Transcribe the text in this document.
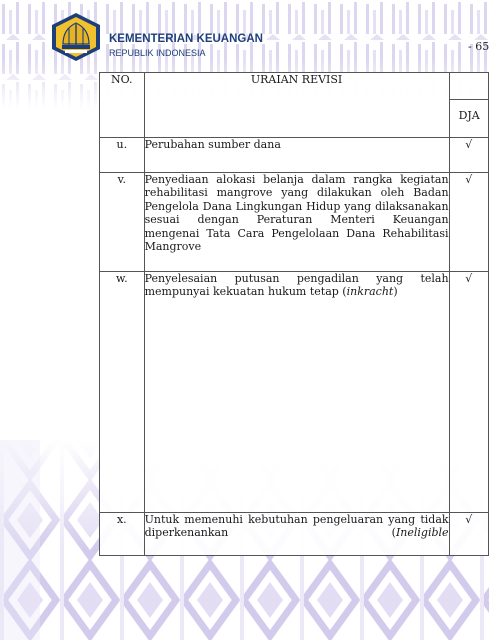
KEMENTERIAN KEUANGAN
REPUBLIK INDONESIA	- 65
NO.	URAIAN REVISI	DJA

u.	Perubahan sumber dana	√
v.	Penyediaan alokasi belanja dalam rangka kegiatan rehabilitasi mangrove yang dilakukan oleh Badan Pengelola Dana Lingkungan Hidup yang dilaksanakan sesuai dengan Peraturan Menteri Keuangan mengenai Tata Cara Pengelolaan Dana Rehabilitasi Mangrove	√
w.	Penyelesaian putusan pengadilan yang telah mempunyai kekuatan hukum tetap (inkracht)	√
x.	Untuk memenuhi kebutuhan pengeluaran yang tidak diperkenankan (Ineligible	√
